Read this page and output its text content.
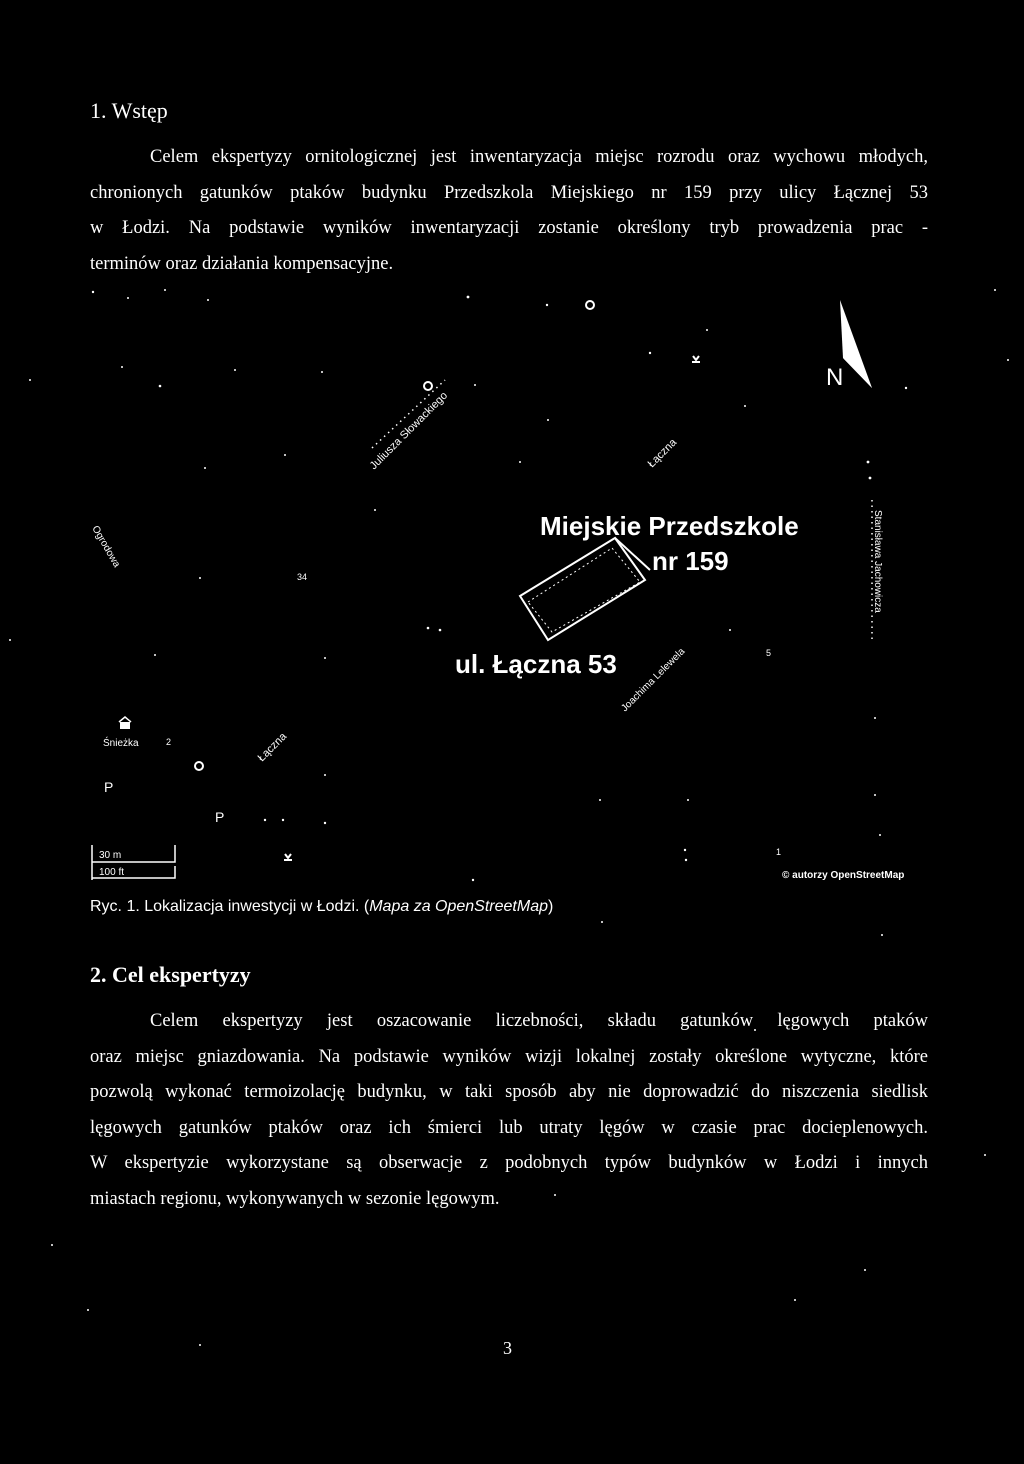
1. Wstęp
Celem ekspertyzy ornitologicznej jest inwentaryzacja miejsc rozrodu oraz wychowu młodych,
chronionych gatunków ptaków budynku Przedszkola Miejskiego nr 159 przy ulicy Łącznej 53
w Łodzi. Na podstawie wyników inwentaryzacji zostanie określony tryb prowadzenia prac -
terminów oraz działania kompensacyjne.
N
Juliusza Słowackiego	Łączna
Łączna
Joachima Lelewela
Stanisława Jachowicza
Ogrodowa	Miejskie Przedszkole
nr 159
ul. Łączna 53
34
5
2
1
Śnieżka
P
P
30 m
100 ft	© autorzy OpenStreetMap
Ryc. 1. Lokalizacja inwestycji w Łodzi. (Mapa za OpenStreetMap)
2. Cel ekspertyzy
Celem ekspertyzy jest oszacowanie liczebności, składu gatunków lęgowych ptaków
oraz miejsc gniazdowania. Na podstawie wyników wizji lokalnej zostały określone wytyczne, które
pozwolą wykonać termoizolację budynku, w taki sposób aby nie doprowadzić do niszczenia siedlisk
lęgowych gatunków ptaków oraz ich śmierci lub utraty lęgów w czasie prac docieplenowych.
W ekspertyzie wykorzystane są obserwacje z podobnych typów budynków w Łodzi i innych
miastach regionu, wykonywanych w sezonie lęgowym.
3
